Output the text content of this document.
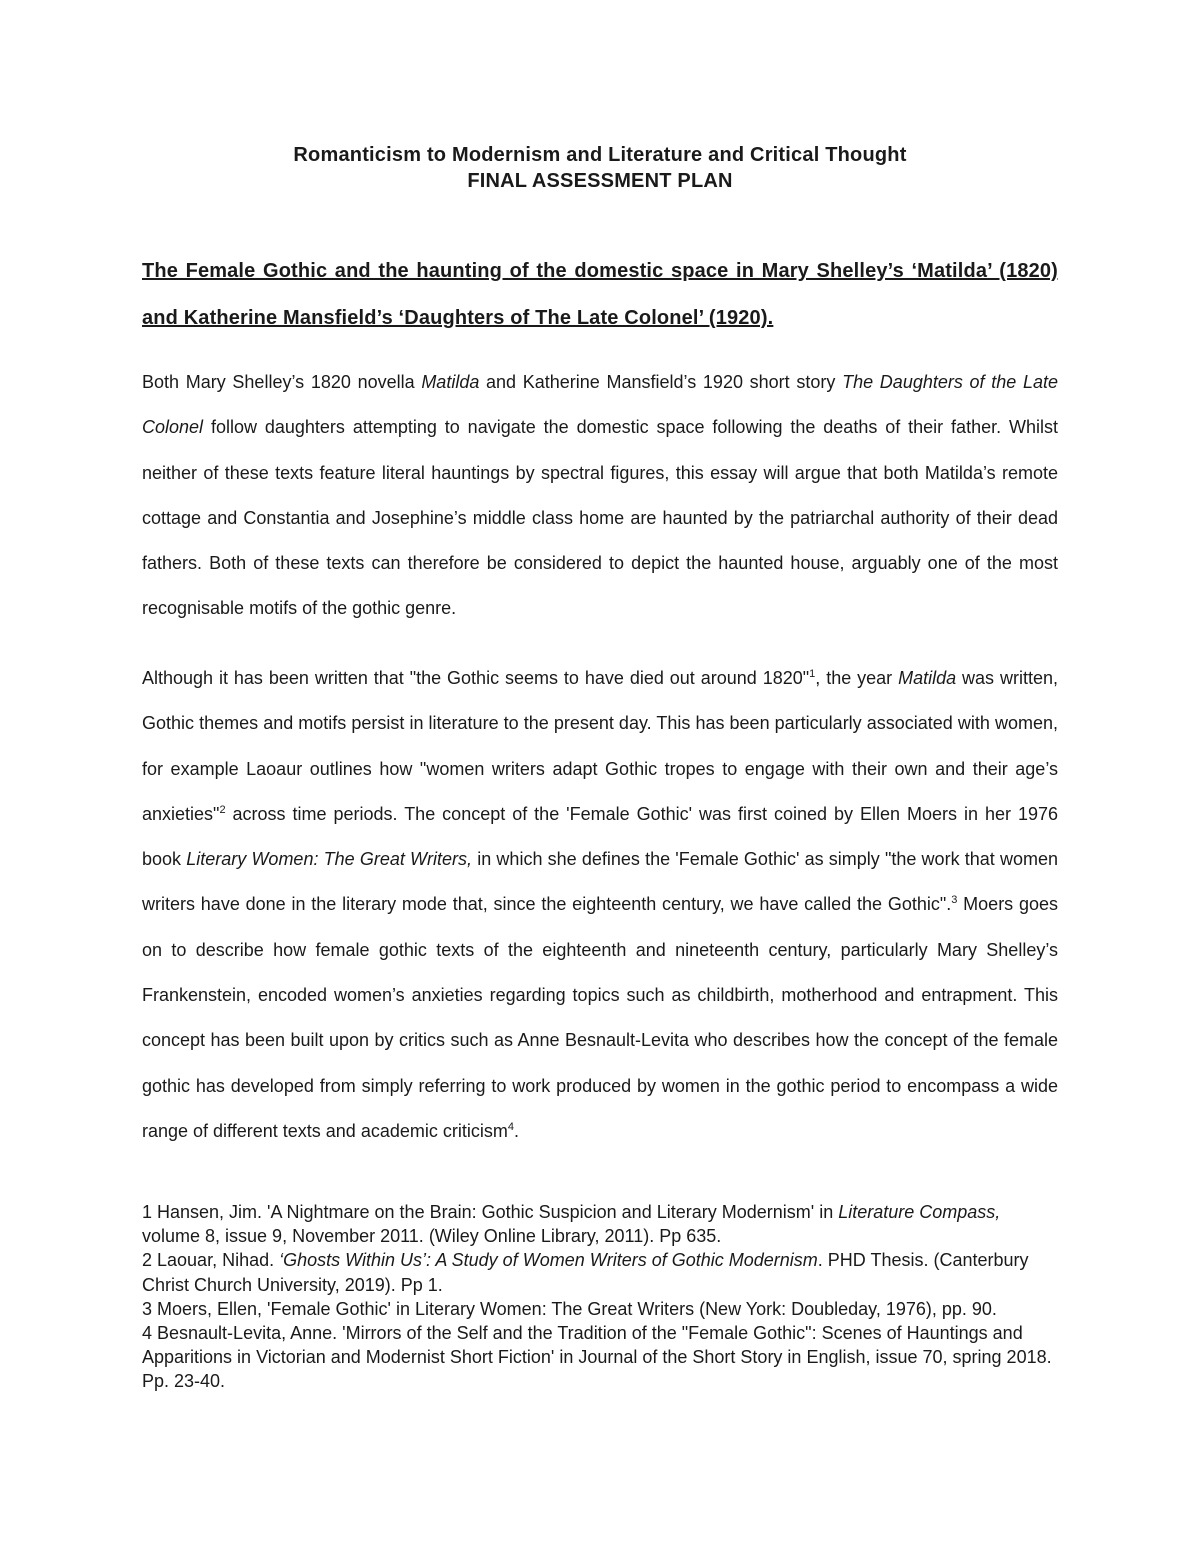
Romanticism to Modernism and Literature and Critical Thought
FINAL ASSESSMENT PLAN
The Female Gothic and the haunting of the domestic space in Mary Shelley’s ‘Matilda’ (1820) and Katherine Mansfield’s ‘Daughters of The Late Colonel’ (1920).

Both Mary Shelley’s 1820 novella Matilda and Katherine Mansfield’s 1920 short story The Daughters of the Late Colonel follow daughters attempting to navigate the domestic space following the deaths of their father. Whilst neither of these texts feature literal hauntings by spectral figures, this essay will argue that both Matilda’s remote cottage and Constantia and Josephine’s middle class home are haunted by the patriarchal authority of their dead fathers. Both of these texts can therefore be considered to depict the haunted house, arguably one of the most recognisable motifs of the gothic genre.

Although it has been written that "the Gothic seems to have died out around 1820"$^1$, the year Matilda was written, Gothic themes and motifs persist in literature to the present day. This has been particularly associated with women, for example Laoaur outlines how "women writers adapt Gothic tropes to engage with their own and their age’s anxieties"$^2$ across time periods. The concept of the 'Female Gothic' was first coined by Ellen Moers in her 1976 book Literary Women: The Great Writers, in which she defines the 'Female Gothic' as simply "the work that women writers have done in the literary mode that, since the eighteenth century, we have called the Gothic".$^3$ Moers goes on to describe how female gothic texts of the eighteenth and nineteenth century, particularly Mary Shelley’s Frankenstein, encoded women’s anxieties regarding topics such as childbirth, motherhood and entrapment. This concept has been built upon by critics such as Anne Besnault-Levita who describes how the concept of the female gothic has developed from simply referring to work produced by women in the gothic period to encompass a wide range of different texts and academic criticism$^4$.

1 Hansen, Jim. 'A Nightmare on the Brain: Gothic Suspicion and Literary Modernism' in Literature Compass, volume 8, issue 9, November 2011. (Wiley Online Library, 2011). Pp 635.

2 Laouar, Nihad. ‘Ghosts Within Us’: A Study of Women Writers of Gothic Modernism. PHD Thesis. (Canterbury Christ Church University, 2019). Pp 1.

3 Moers, Ellen, 'Female Gothic' in Literary Women: The Great Writers (New York: Doubleday, 1976), pp. 90.

4 Besnault-Levita, Anne. 'Mirrors of the Self and the Tradition of the "Female Gothic": Scenes of Hauntings and Apparitions in Victorian and Modernist Short Fiction' in Journal of the Short Story in English, issue 70, spring 2018. Pp. 23-40.
